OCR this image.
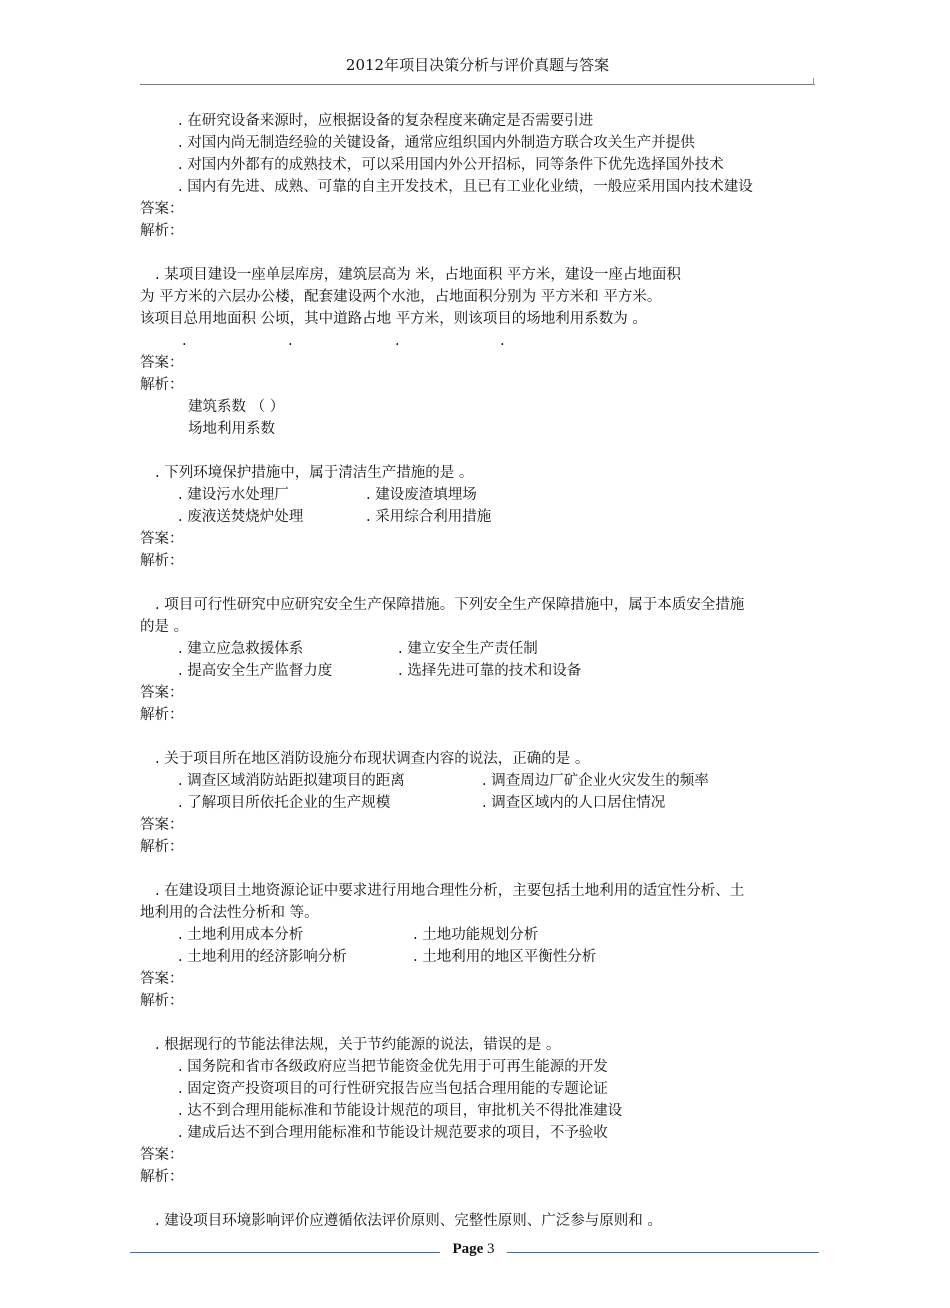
2012年项目决策分析与评价真题与答案
. 在研究设备来源时，应根据设备的复杂程度来确定是否需要引进
. 对国内尚无制造经验的关键设备，通常应组织国内外制造方联合攻关生产并提供
. 对国内外都有的成熟技术，可以采用国内外公开招标，同等条件下优先选择国外技术
. 国内有先进、成熟、可靠的自主开发技术，且已有工业化业绩，一般应采用国内技术建设
答案：
解析：
. 某项目建设一座单层库房，建筑层高为 米，占地面积 平方米，建设一座占地面积
为 平方米的六层办公楼，配套建设两个水池，占地面积分别为 平方米和 平方米。
该项目总用地面积 公顷，其中道路占地 平方米，则该项目的场地利用系数为 。
.	.	.	.
答案：
解析：
建筑系数 （ ）
场地利用系数
. 下列环境保护措施中，属于清洁生产措施的是 。
. 建设污水处理厂	. 建设废渣填埋场
. 废液送焚烧炉处理	. 采用综合利用措施
答案：
解析：
. 项目可行性研究中应研究安全生产保障措施。下列安全生产保障措施中，属于本质安全措施
的是 。
. 建立应急救援体系	. 建立安全生产责任制
. 提高安全生产监督力度	. 选择先进可靠的技术和设备
答案：
解析：
. 关于项目所在地区消防设施分布现状调查内容的说法，正确的是 。
. 调查区域消防站距拟建项目的距离	. 调查周边厂矿企业火灾发生的频率
. 了解项目所依托企业的生产规模	. 调查区域内的人口居住情况
答案：
解析：
. 在建设项目土地资源论证中要求进行用地合理性分析，主要包括土地利用的适宜性分析、土
地利用的合法性分析和 等。
. 土地利用成本分析	. 土地功能规划分析
. 土地利用的经济影响分析	. 土地利用的地区平衡性分析
答案：
解析：
. 根据现行的节能法律法规，关于节约能源的说法，错误的是 。
. 国务院和省市各级政府应当把节能资金优先用于可再生能源的开发
. 固定资产投资项目的可行性研究报告应当包括合理用能的专题论证
. 达不到合理用能标准和节能设计规范的项目，审批机关不得批准建设
. 建成后达不到合理用能标准和节能设计规范要求的项目，不予验收
答案：
解析：
. 建设项目环境影响评价应遵循依法评价原则、完整性原则、广泛参与原则和 。
Page 3
